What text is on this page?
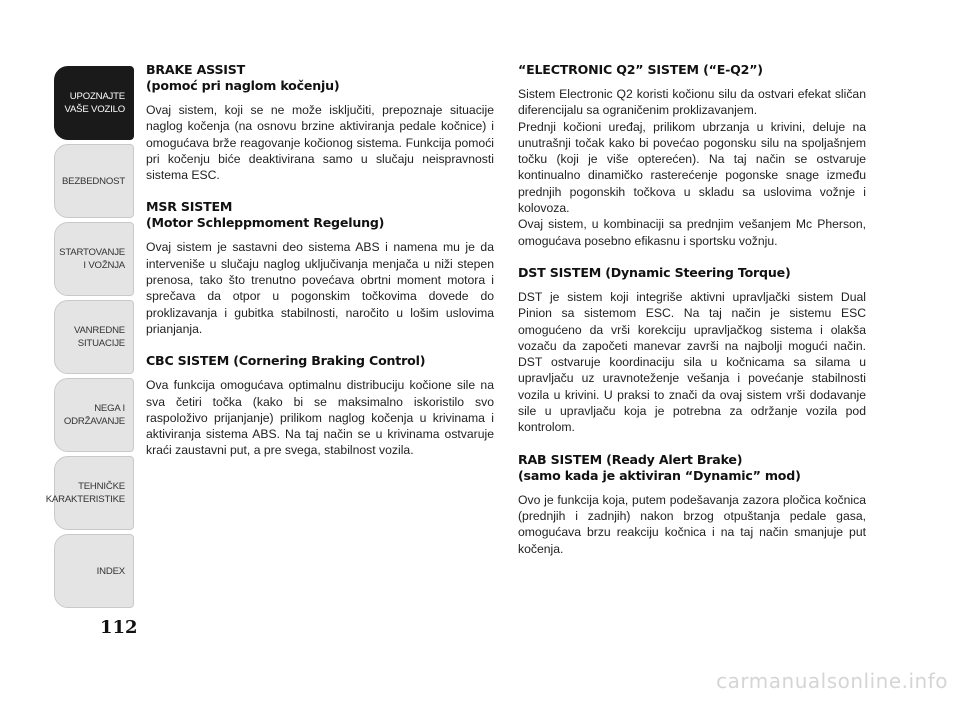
UPOZNAJTE
VAŠE VOZILO
BEZBEDNOST
STARTOVANJE
I VOŽNJA
VANREDNE
SITUACIJE
NEGA I
ODRŽAVANJE
TEHNIČKE
KARAKTERISTIKE
INDEX
112
BRAKE ASSIST
(pomoć pri naglom kočenju)

Ovaj sistem, koji se ne može isključiti, prepoznaje situacije naglog kočenja (na osnovu brzine aktiviranja pedale kočnice) i omogućava brže reagovanje kočionog sistema. Funkcija pomoći pri kočenju biće deaktivirana samo u slučaju neispravnosti sistema ESC.

MSR SISTEM
(Motor Schleppmoment Regelung)

Ovaj sistem je sastavni deo sistema ABS i namena mu je da interveniše u slučaju naglog uključivanja menjača u niži stepen prenosa, tako što trenutno povećava obrtni moment motora i sprečava da otpor u pogonskim točkovima dovede do proklizavanja i gubitka stabilnosti, naročito u lošim uslovima prianjanja.

CBC SISTEM (Cornering Braking Control)

Ova funkcija omogućava optimalnu distribuciju kočione sile na sva četiri točka (kako bi se maksimalno iskoristilo svo raspoloživo prijanjanje) prilikom naglog kočenja u krivinama i aktiviranja sistema ABS. Na taj način se u krivinama ostvaruje kraći zaustavni put, a pre svega, stabilnost vozila.

“ELECTRONIC Q2” SISTEM (“E-Q2”)

Sistem Electronic Q2 koristi kočionu silu da ostvari efekat sličan diferencijalu sa ograničenim proklizavanjem.
Prednji kočioni uređaj, prilikom ubrzanja u krivini, deluje na unutrašnji točak kako bi povećao pogonsku silu na spoljašnjem točku (koji je više opterećen). Na taj način se ostvaruje kontinualno dinamičko rasterećenje pogonske snage između prednjih pogonskih točkova u skladu sa uslovima vožnje i kolovoza.
Ovaj sistem, u kombinaciji sa prednjim vešanjem Mc Pherson, omogućava posebno efikasnu i sportsku vožnju.

DST SISTEM (Dynamic Steering Torque)

DST je sistem koji integriše aktivni upravljački sistem Dual Pinion sa sistemom ESC. Na taj način je sistemu ESC omogućeno da vrši korekciju upravljačkog sistema i olakša vozaču da započeti manevar završi na najbolji mogući način. DST ostvaruje koordinaciju sila u kočnicama sa silama u upravljaču uz uravnoteženje vešanja i povećanje stabilnosti vozila u krivini. U praksi to znači da ovaj sistem vrši dodavanje sile u upravljaču koja je potrebna za održanje vozila pod kontrolom.

RAB SISTEM (Ready Alert Brake)
(samo kada je aktiviran “Dynamic” mod)

Ovo je funkcija koja, putem podešavanja zazora pločica kočnica (prednjih i zadnjih) nakon brzog otpuštanja pedale gasa, omogućava brzu reakciju kočnica i na taj način smanjuje put kočenja.

carmanualsonline.info
